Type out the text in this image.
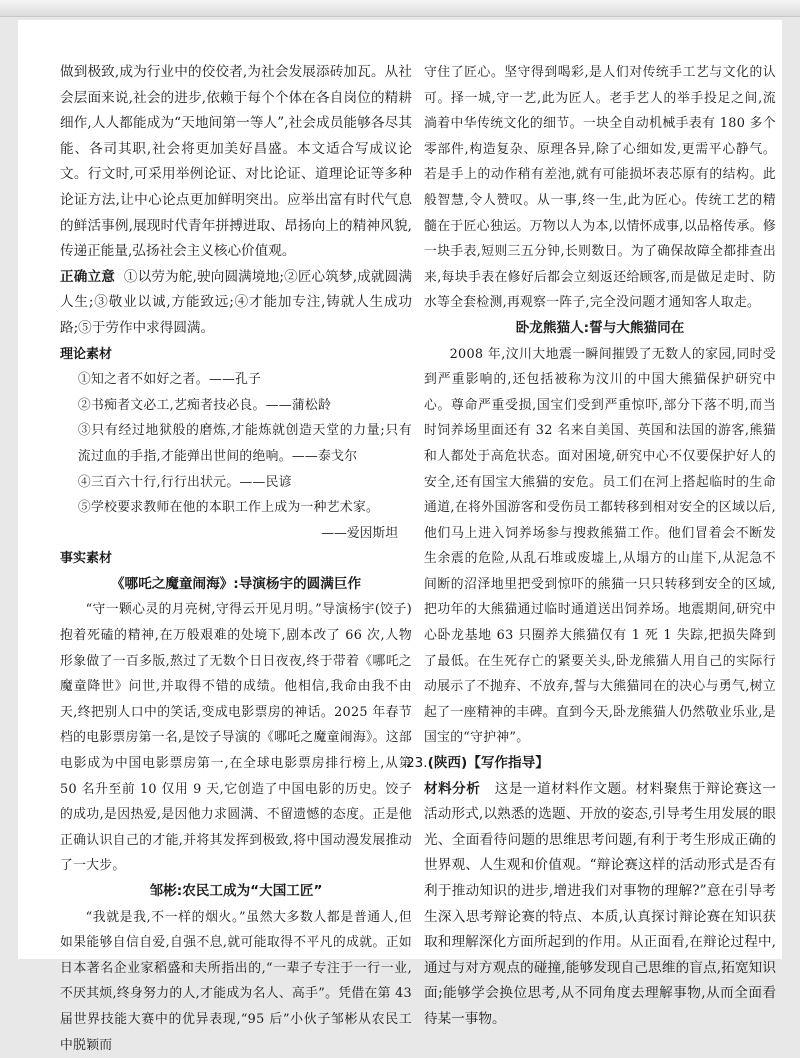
做到极致,成为行业中的佼佼者,为社会发展添砖加瓦。从社会层面来说,社会的进步,依赖于每个个体在各自岗位的精耕细作,人人都能成为“天地间第一等人”,社会成员能够各尽其能、各司其职,社会将更加美好昌盛。本文适合写成议论文。行文时,可采用举例论证、对比论证、道理论证等多种论证方法,让中心论点更加鲜明突出。应举出富有时代气息的鲜活事例,展现时代青年拼搏进取、昂扬向上的精神风貌,传递正能量,弘扬社会主义核心价值观。

正确立意 ①以劳为舵,驶向圆满境地;②匠心筑梦,成就圆满人生;③敬业以诚,方能致远;④才能加专注,铸就人生成功路;⑤于劳作中求得圆满。

理论素材

①知之者不如好之者。——孔子

②书痴者文必工,艺痴者技必良。——蒲松龄

③只有经过地狱般的磨炼,才能炼就创造天堂的力量;只有流过血的手指,才能弹出世间的绝响。——泰戈尔

④三百六十行,行行出状元。——民谚

⑤学校要求教师在他的本职工作上成为一种艺术家。

——爱因斯坦

事实素材

《哪吒之魔童闹海》:导演杨宇的圆满巨作

“守一颗心灵的月亮树,守得云开见月明。”导演杨宇(饺子)抱着死磕的精神,在万般艰难的处境下,剧本改了 66 次,人物形象做了一百多版,熬过了无数个日日夜夜,终于带着《哪吒之魔童降世》问世,并取得不错的成绩。他相信,我命由我不由天,终把别人口中的笑话,变成电影票房的神话。2025 年春节档的电影票房第一名,是饺子导演的《哪吒之魔童闹海》。这部电影成为中国电影票房第一,在全球电影票房排行榜上,从第 50 名升至前 10 仅用 9 天,它创造了中国电影的历史。饺子的成功,是因热爱,是因他力求圆满、不留遗憾的态度。正是他正确认识自己的才能,并将其发挥到极致,将中国动漫发展推动了一大步。

邹彬:农民工成为“大国工匠”

“我就是我,不一样的烟火。”虽然大多数人都是普通人,但如果能够自信自爱,自强不息,就可能取得不平凡的成就。正如日本著名企业家稻盛和夫所指出的,“一辈子专注于一行一业,不厌其烦,终身努力的人,才能成为名人、高手”。凭借在第 43 届世界技能大赛中的优异表现,“95 后”小伙子邹彬从农民工中脱颖而

守住了匠心。坚守得到喝彩,是人们对传统手工艺与文化的认可。择一城,守一艺,此为匠人。老手艺人的举手投足之间,流淌着中华传统文化的细节。一块全自动机械手表有 180 多个零部件,构造复杂、原理各异,除了心细如发,更需平心静气。若是手上的动作稍有差池,就有可能损坏表芯原有的结构。此般智慧,令人赞叹。从一事,终一生,此为匠心。传统工艺的精髓在于匠心独运。万物以人为本,以情怀成事,以品格传承。修一块手表,短则三五分钟,长则数日。为了确保故障全都排查出来,每块手表在修好后都会立刻返还给顾客,而是做足走时、防水等全套检测,再观察一阵子,完全没问题才通知客人取走。

卧龙熊猫人:誓与大熊猫同在

2008 年,汶川大地震一瞬间摧毁了无数人的家园,同时受到严重影响的,还包括被称为汶川的中国大熊猫保护研究中心。尊命严重受损,国宝们受到严重惊吓,部分下落不明,而当时饲养场里面还有 32 名来自美国、英国和法国的游客,熊猫和人都处于高危状态。面对困境,研究中心不仅要保护好人的安全,还有国宝大熊猫的安危。员工们在河上搭起临时的生命通道,在将外国游客和受伤员工都转移到相对安全的区域以后,他们马上进入饲养场参与搜救熊猫工作。他们冒着会不断发生余震的危险,从乱石堆或废墟上,从塌方的山崖下,从泥急不间断的沼泽地里把受到惊吓的熊猫一只只转移到安全的区域,把功年的大熊猫通过临时通道送出饲养场。地震期间,研究中心卧龙基地 63 只圈养大熊猫仅有 1 死 1 失踪,把损失降到了最低。在生死存亡的紧要关头,卧龙熊猫人用自己的实际行动展示了不抛弃、不放弃,誓与大熊猫同在的决心与勇气,树立起了一座精神的丰碑。直到今天,卧龙熊猫人仍然敬业乐业,是国宝的“守护神”。

23.(陕西)【写作指导】

材料分析 这是一道材料作文题。材料聚焦于辩论赛这一活动形式,以熟悉的选题、开放的姿态,引导考生用发展的眼光、全面看待问题的思维思考问题,有利于考生形成正确的世界观、人生观和价值观。“辩论赛这样的活动形式是否有利于推动知识的进步,增进我们对事物的理解?”意在引导考生深入思考辩论赛的特点、本质,认真探讨辩论赛在知识获取和理解深化方面所起到的作用。从正面看,在辩论过程中,通过与对方观点的碰撞,能够发现自己思维的盲点,拓宽知识面;能够学会换位思考,从不同角度去理解事物,从而全面看待某一事物。
